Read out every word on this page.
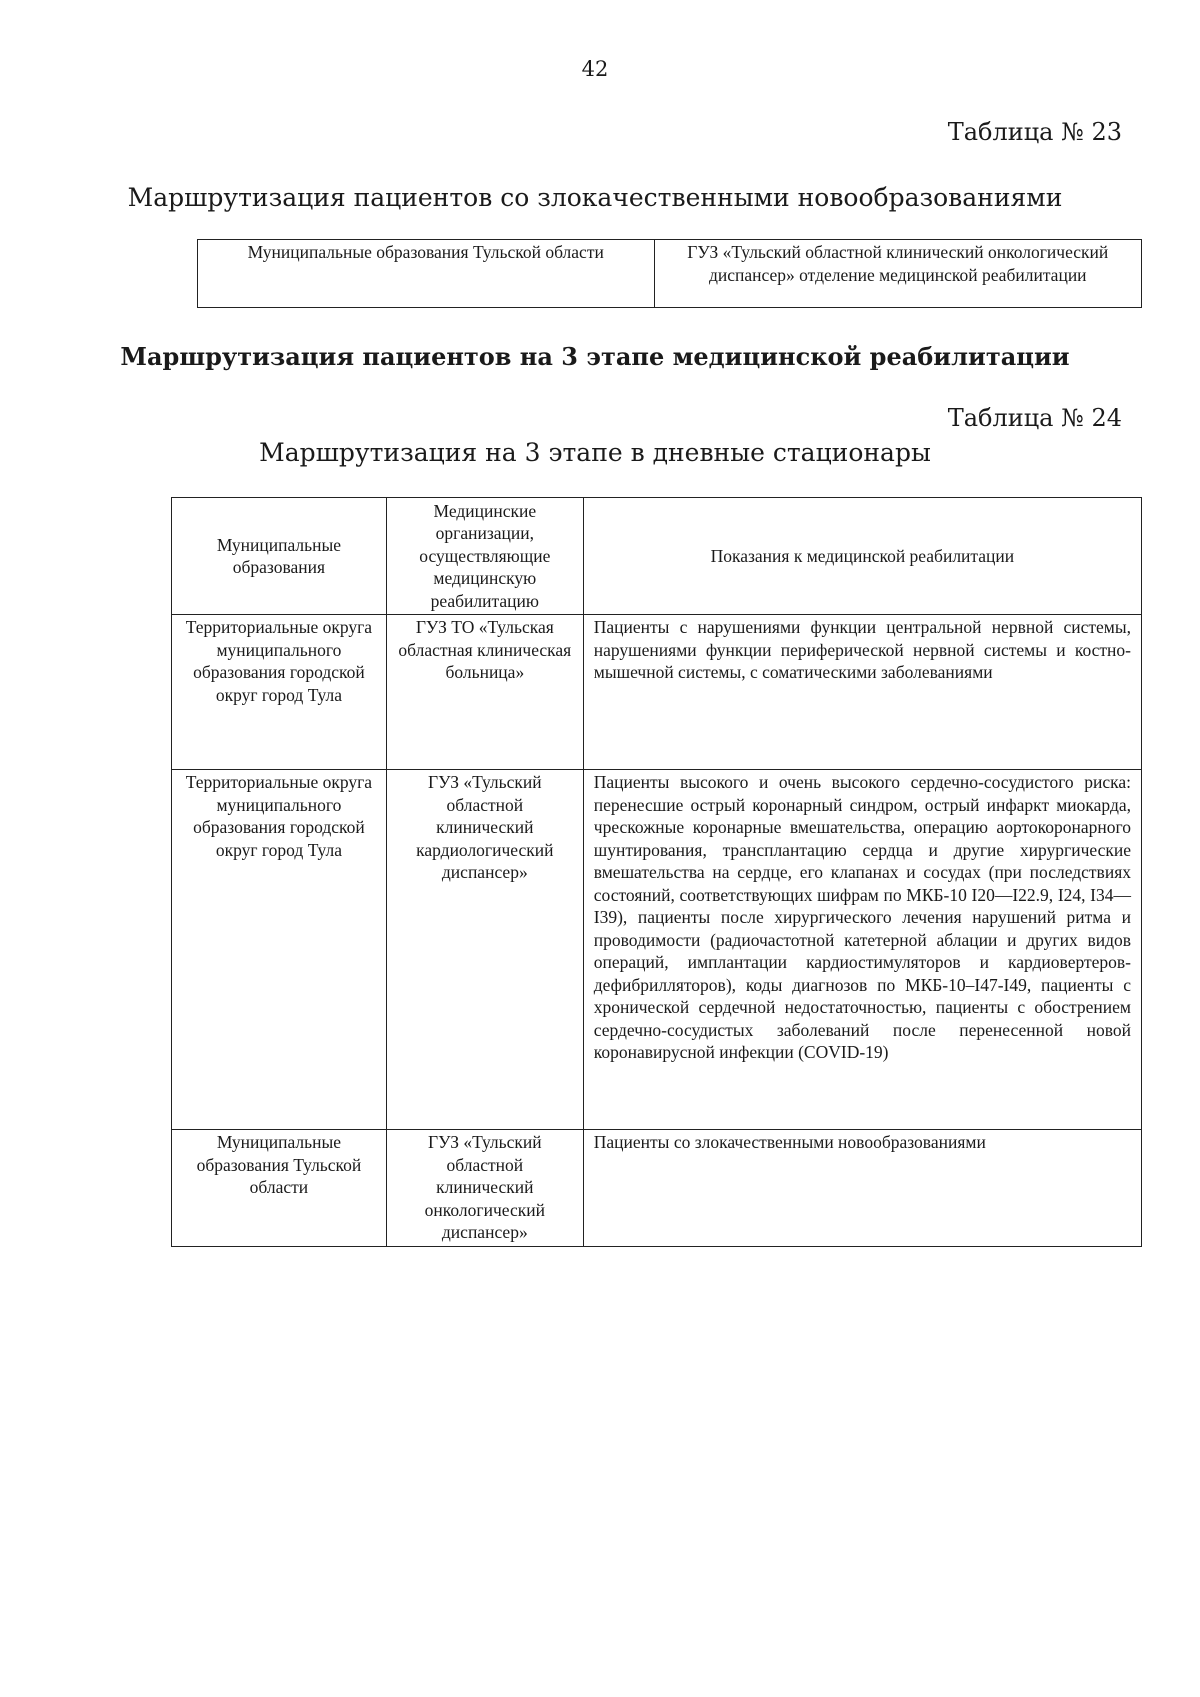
42
Таблица № 23
Маршрутизация пациентов со злокачественными новообразованиями
Муниципальные образования Тульской области	ГУЗ «Тульский областной клинический онкологический диспансер» отделение медицинской реабилитации
Маршрутизация пациентов на 3 этапе медицинской реабилитации
Таблица № 24
Маршрутизация на 3 этапе в дневные стационары
Муниципальные образования	Медицинские организации, осуществляющие медицинскую реабилитацию	Показания к медицинской реабилитации
Территориальные округа муниципального образования городской округ город Тула	ГУЗ ТО «Тульская областная клиническая больница»	Пациенты с нарушениями функции центральной нервной системы, нарушениями функции периферической нервной системы и костно-мышечной системы, с соматическими заболеваниями
Территориальные округа муниципального образования городской округ город Тула	ГУЗ «Тульский областной клинический кардиологический диспансер»	Пациенты высокого и очень высокого сердечно-сосудистого риска: перенесшие острый коронарный синдром, острый инфаркт миокарда, чрескожные коронарные вмешательства, операцию аортокоронарного шунтирования, трансплантацию сердца и другие хирургические вмешательства на сердце, его клапанах и сосудах (при последствиях состояний, соответствующих шифрам по МКБ-10 I20—I22.9, I24, I34—I39), пациенты после хирургического лечения нарушений ритма и проводимости (радиочастотной катетерной аблации и других видов операций, имплантации кардиостимуляторов и кардиовертеров-дефибрилляторов), коды диагнозов по МКБ-10–I47-I49, пациенты с хронической сердечной недостаточностью, пациенты с обострением сердечно-сосудистых заболеваний после перенесенной новой коронавирусной инфекции (COVID-19)
Муниципальные образования Тульской области	ГУЗ «Тульский областной клинический онкологический диспансер»	Пациенты со злокачественными новообразованиями
